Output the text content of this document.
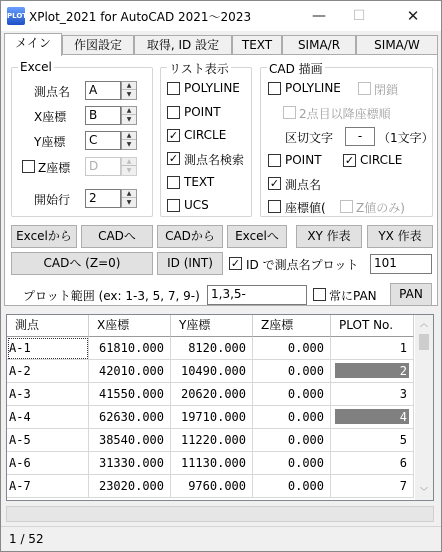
PLOT XPlot_2021 for AutoCAD 2021～2023	—	☐	✕
メイン	作図設定	取得, ID 設定	TEXT	SIMA/R	SIMA/W
Excel
測点名	A	▲
▼
X座標	B	▲
▼
Y座標	C	▲
▼
Z座標	D	▲
▼
開始行	2	▲
▼
リスト表示
POLYLINE
POINT
✓ CIRCLE
✓ 測点名検索
TEXT
UCS
CAD 描画
POLYLINE	閉鎖
2点目以降座標順
区切文字	-	（1文字）
POINT ✓ CIRCLE
✓ 測点名
座標値(	Z値のみ)
Excelから	CADへ	CADから	Excelへ	XY 作表	YX 作表
CADへ (Z=0)	ID (INT)	✓ ID で測点名プロット	101
プロット範囲 (ex: 1-3, 5, 7, 9-) 1,3,5-	常にPAN	PAN
測点	X座標	Y座標	Z座標	PLOT No.
A-1	61810.000	8120.000	0.000	1
A-2	42010.000	10490.000	0.000	2
A-3	41550.000	20620.000	0.000	3
A-4	62630.000	19710.000	0.000	4
A-5	38540.000	11220.000	0.000	5
A-6	31330.000	11130.000	0.000	6
A-7	23020.000	9760.000	0.000	7
︿
﹀
1 / 52
